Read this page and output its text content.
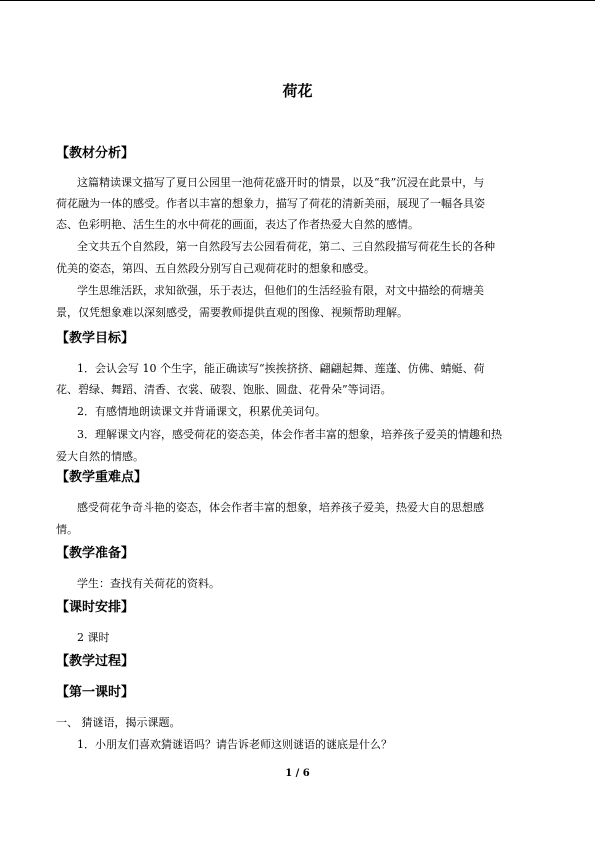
荷花
【教材分析】
这篇精读课文描写了夏日公园里一池荷花盛开时的情景，以及“我”沉浸在此景中，与
荷花融为一体的感受。作者以丰富的想象力，描写了荷花的清新美丽，展现了一幅各具姿
态、色彩明艳、活生生的水中荷花的画面，表达了作者热爱大自然的感情。
全文共五个自然段，第一自然段写去公园看荷花，第二、三自然段描写荷花生长的各种
优美的姿态，第四、五自然段分别写自己观荷花时的想象和感受。
学生思维活跃，求知欲强，乐于表达，但他们的生活经验有限，对文中描绘的荷塘美
景，仅凭想象难以深刻感受，需要教师提供直观的图像、视频帮助理解。
【教学目标】
1．会认会写 10 个生字，能正确读写“挨挨挤挤、翩翩起舞、莲蓬、仿佛、蜻蜓、荷
花、碧绿、舞蹈、清香、衣裳、破裂、饱胀、圆盘、花骨朵”等词语。
2．有感情地朗读课文并背诵课文，积累优美词句。
3．理解课文内容，感受荷花的姿态美，体会作者丰富的想象，培养孩子爱美的情趣和热
爱大自然的情感。
【教学重难点】
感受荷花争奇斗艳的姿态，体会作者丰富的想象，培养孩子爱美，热爱大自的思想感
情。
【教学准备】
学生：查找有关荷花的资料。
【课时安排】
2 课时
【教学过程】
【第一课时】
一、 猜谜语，揭示课题。
1．小朋友们喜欢猜谜语吗？请告诉老师这则谜语的谜底是什么？
1 / 6
